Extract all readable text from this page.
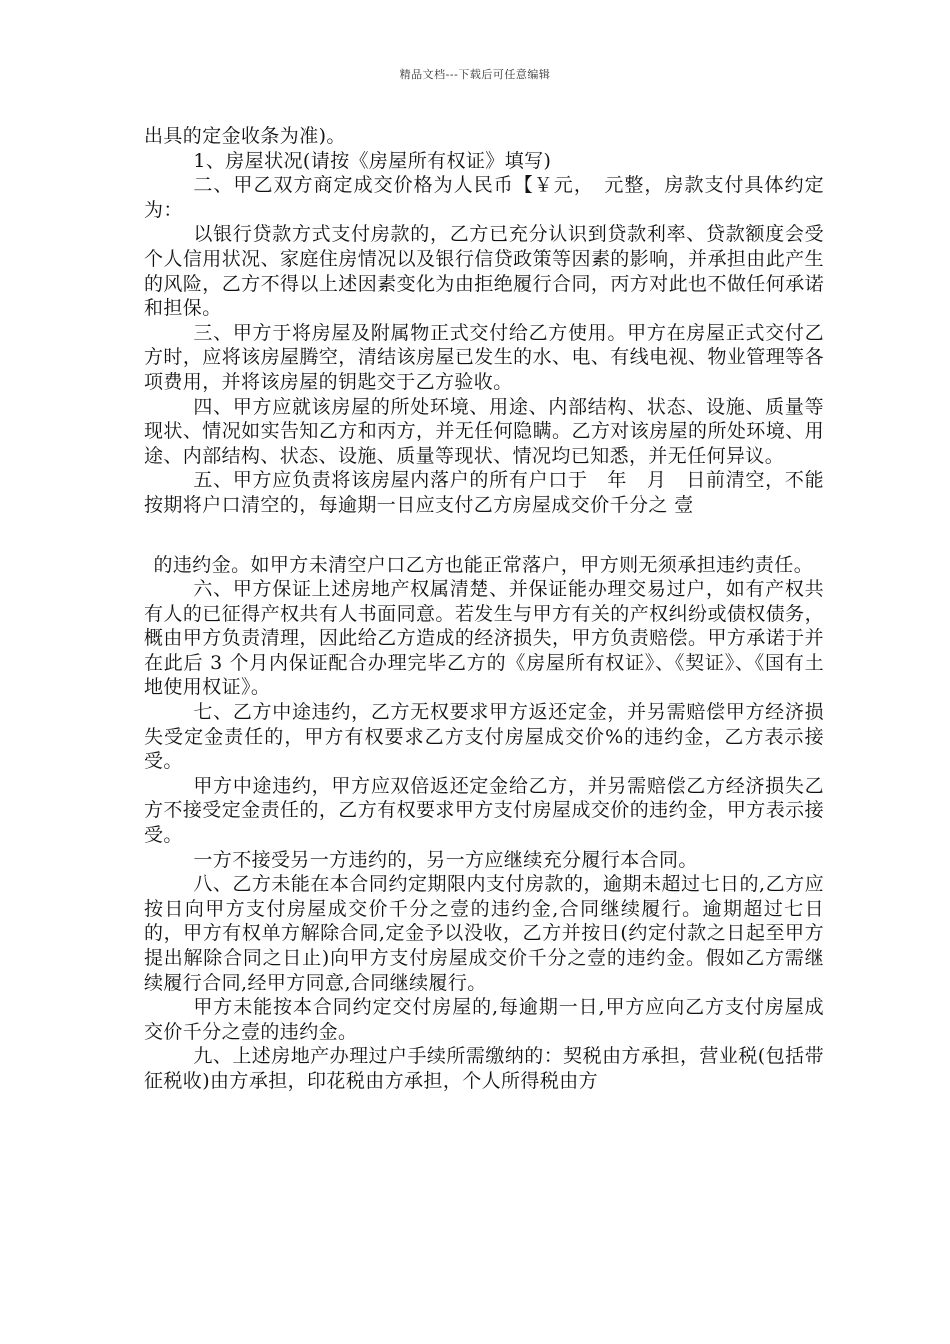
精品文档---下载后可任意编辑

出具的定金收条为准)。

1、房屋状况(请按《房屋所有权证》填写)

二、甲乙双方商定成交价格为人民币【￥元，　元整，房款支付具体约定为：

以银行贷款方式支付房款的，乙方已充分认识到贷款利率、贷款额度会受个人信用状况、家庭住房情况以及银行信贷政策等因素的影响，并承担由此产生的风险，乙方不得以上述因素变化为由拒绝履行合同，丙方对此也不做任何承诺和担保。

三、甲方于将房屋及附属物正式交付给乙方使用。甲方在房屋正式交付乙方时，应将该房屋腾空，清结该房屋已发生的水、电、有线电视、物业管理等各项费用，并将该房屋的钥匙交于乙方验收。

四、甲方应就该房屋的所处环境、用途、内部结构、状态、设施、质量等现状、情况如实告知乙方和丙方，并无任何隐瞒。乙方对该房屋的所处环境、用途、内部结构、状态、设施、质量等现状、情况均已知悉，并无任何异议。

五、甲方应负责将该房屋内落户的所有户口于　年　月　日前清空，不能按期将户口清空的，每逾期一日应支付乙方房屋成交价千分之 壹

的违约金。如甲方未清空户口乙方也能正常落户，甲方则无须承担违约责任。

六、甲方保证上述房地产权属清楚、并保证能办理交易过户，如有产权共有人的已征得产权共有人书面同意。若发生与甲方有关的产权纠纷或债权债务，概由甲方负责清理，因此给乙方造成的经济损失，甲方负责赔偿。甲方承诺于并在此后 3 个月内保证配合办理完毕乙方的《房屋所有权证》、《契证》、《国有土地使用权证》。

七、乙方中途违约，乙方无权要求甲方返还定金，并另需赔偿甲方经济损失受定金责任的，甲方有权要求乙方支付房屋成交价%的违约金，乙方表示接受。

甲方中途违约，甲方应双倍返还定金给乙方，并另需赔偿乙方经济损失乙方不接受定金责任的，乙方有权要求甲方支付房屋成交价的违约金，甲方表示接受。

一方不接受另一方违约的，另一方应继续充分履行本合同。

八、乙方未能在本合同约定期限内支付房款的，逾期未超过七日的,乙方应按日向甲方支付房屋成交价千分之壹的违约金,合同继续履行。逾期超过七日的，甲方有权单方解除合同,定金予以没收，乙方并按日(约定付款之日起至甲方提出解除合同之日止)向甲方支付房屋成交价千分之壹的违约金。假如乙方需继续履行合同,经甲方同意,合同继续履行。

甲方未能按本合同约定交付房屋的,每逾期一日,甲方应向乙方支付房屋成交价千分之壹的违约金。

九、上述房地产办理过户手续所需缴纳的：契税由方承担，营业税(包括带征税收)由方承担，印花税由方承担，个人所得税由方
